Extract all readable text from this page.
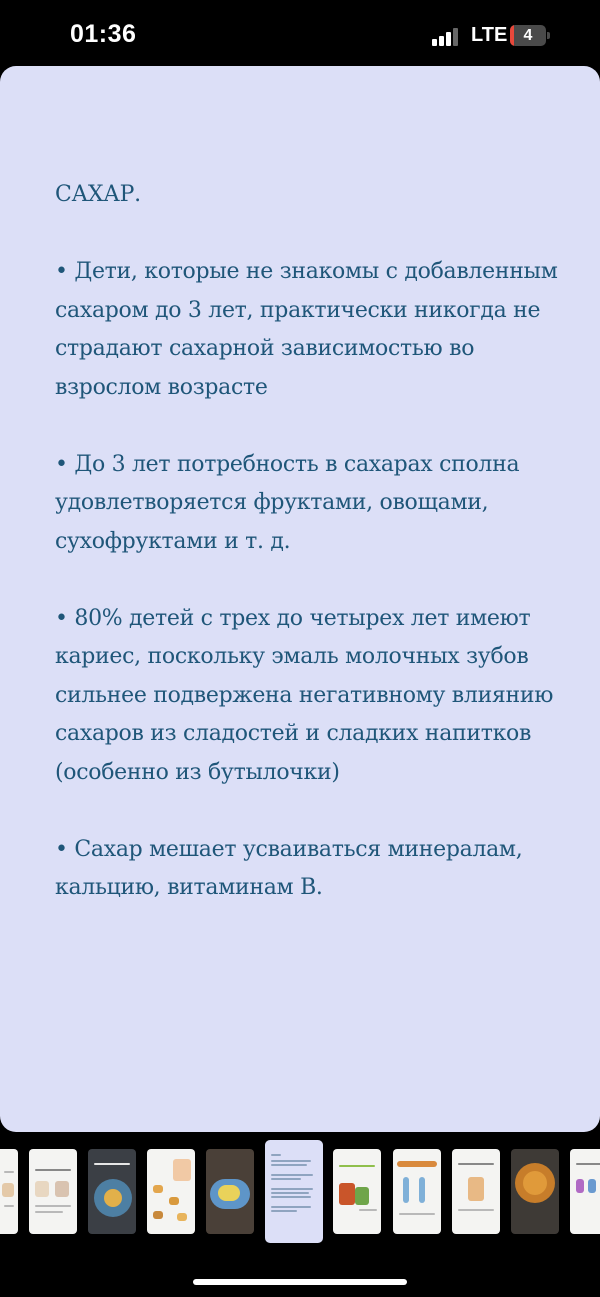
01:36	LTE	4

САХАР.

• Дети, которые не знакомы с добавленным сахаром до 3 лет, практически никогда не страдают сахарной зависимостью во взрослом возрасте

• До 3 лет потребность в сахарах сполна удовлетворяется фруктами, овощами, сухофруктами и т. д.

• 80% детей с трех до четырех лет имеют кариес, поскольку эмаль молочных зубов сильнее подвержена негативному влиянию сахаров из сладостей и сладких напитков (особенно из бутылочки)

• Сахар мешает усваиваться минералам, кальцию, витаминам В.
